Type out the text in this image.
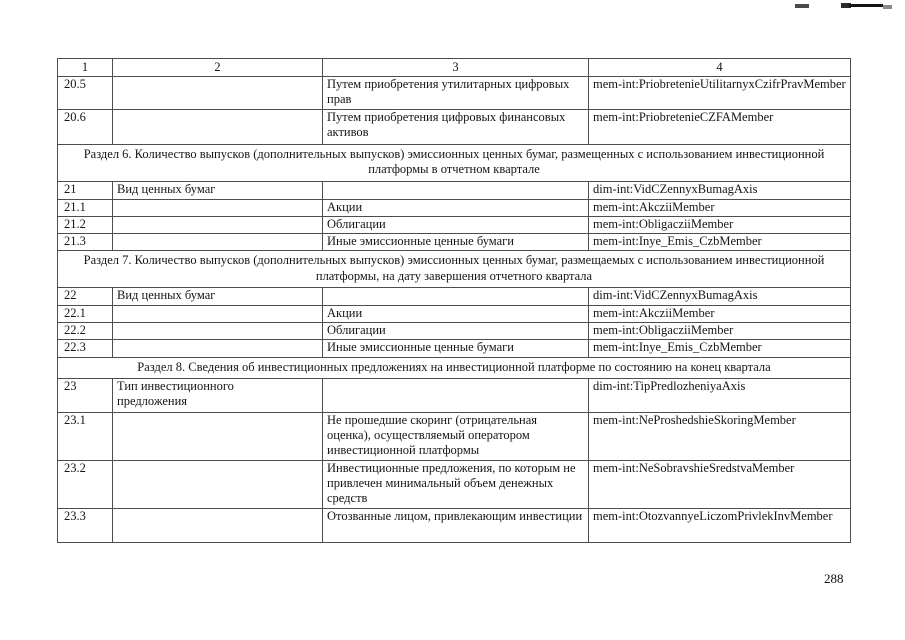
1	2	3	4
20.5		Путем приобретения утилитарных цифровых прав	mem-int:PriobretenieUtilitarnyxCzifrPravMember
20.6		Путем приобретения цифровых финансовых активов	mem-int:PriobretenieCZFAMember
Раздел 6. Количество выпусков (дополнительных выпусков) эмиссионных ценных бумаг, размещенных с использованием инвестиционной платформы в отчетном квартале			
21	Вид ценных бумаг		dim-int:VidCZennyxBumagAxis
21.1		Акции	mem-int:AkcziiMember
21.2		Облигации	mem-int:ObligacziiMember
21.3		Иные эмиссионные ценные бумаги	mem-int:Inye_Emis_CzbMember
Раздел 7. Количество выпусков (дополнительных выпусков) эмиссионных ценных бумаг, размещаемых с использованием инвестиционной платформы, на дату завершения отчетного квартала			
22	Вид ценных бумаг		dim-int:VidCZennyxBumagAxis
22.1		Акции	mem-int:AkcziiMember
22.2		Облигации	mem-int:ObligacziiMember
22.3		Иные эмиссионные ценные бумаги	mem-int:Inye_Emis_CzbMember
Раздел 8. Сведения об инвестиционных предложениях на инвестиционной платформе по состоянию на конец квартала			
23	Тип инвестиционного предложения		dim-int:TipPredlozheniyaAxis
23.1		Не прошедшие скоринг (отрицательная оценка), осуществляемый оператором инвестиционной платформы	mem-int:NeProshedshieSkoringMember
23.2		Инвестиционные предложения, по которым не привлечен минимальный объем денежных средств	mem-int:NeSobravshieSredstvaMember
23.3		Отозванные лицом, привлекающим инвестиции	mem-int:OtozvannyeLiczomPrivlekInvMember
288
